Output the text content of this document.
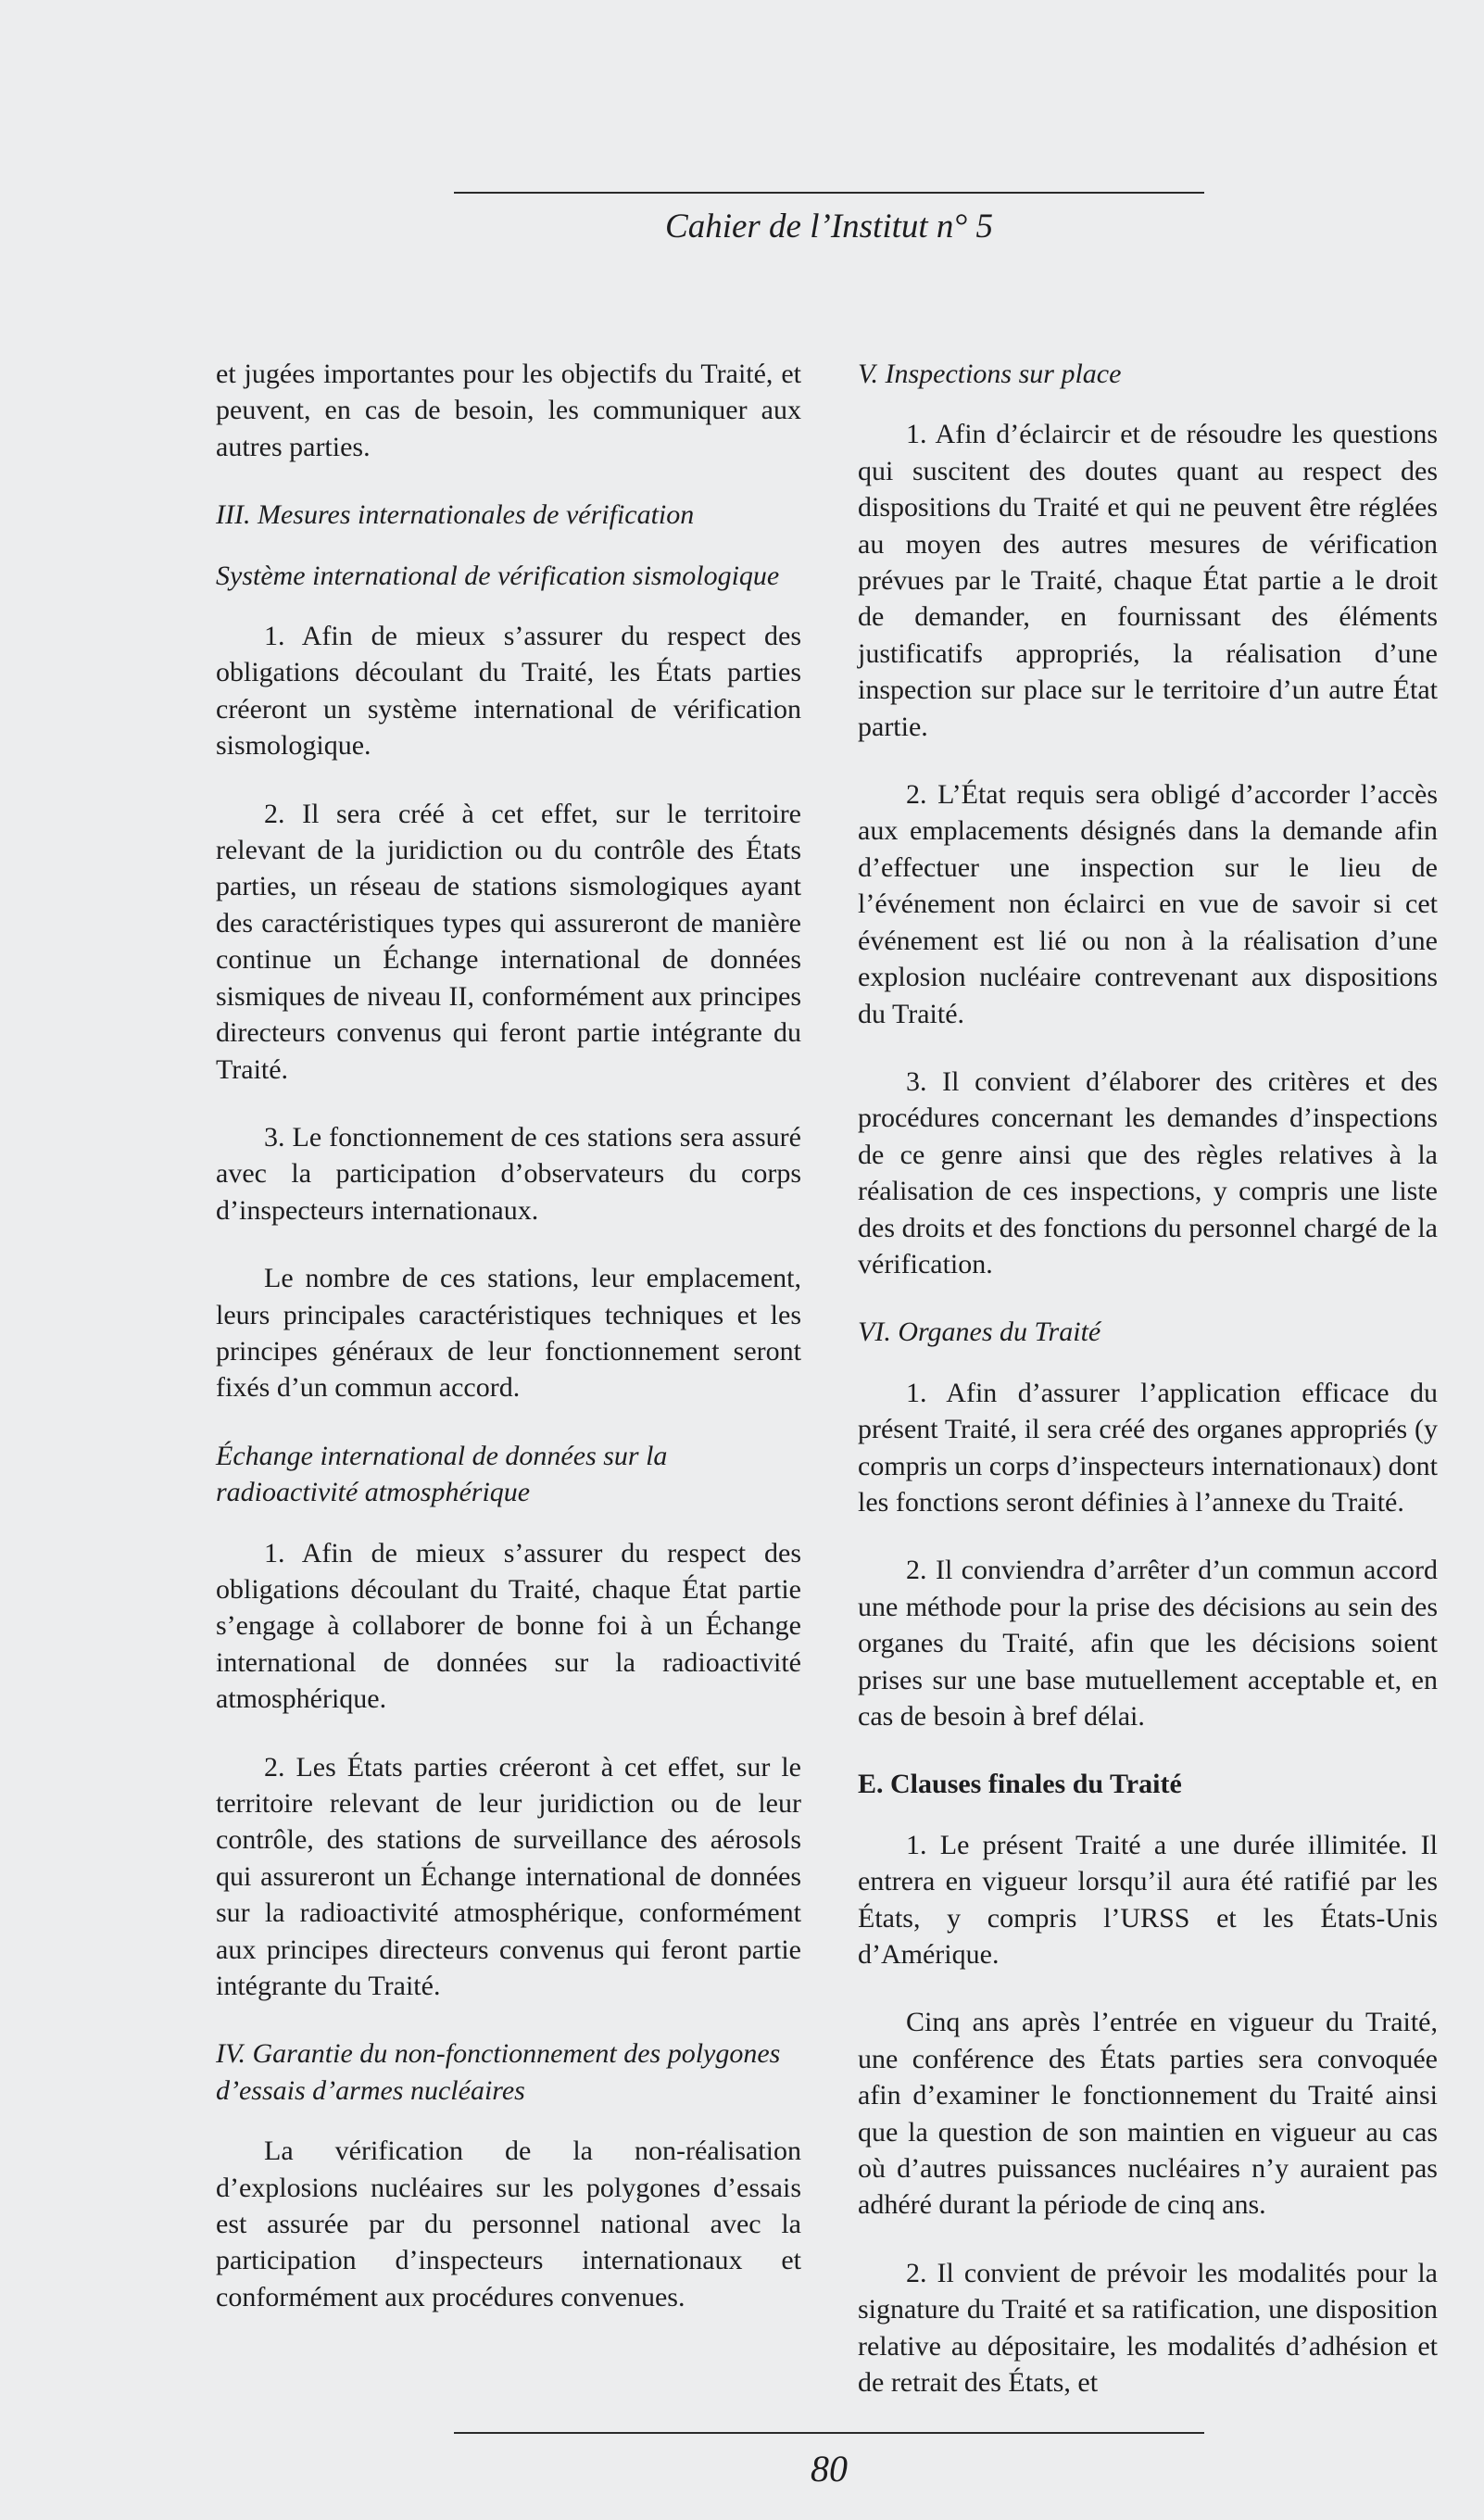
Cahier de l’Institut n° 5

et jugées importantes pour les objectifs du Traité, et peuvent, en cas de besoin, les communiquer aux autres parties.

III. Mesures internationales de vérification
Système international de vérification sismologique

1. Afin de mieux s’assurer du respect des obligations découlant du Traité, les États parties créeront un système international de vérification sismologique.

2. Il sera créé à cet effet, sur le territoire relevant de la juridiction ou du contrôle des États parties, un réseau de stations sismologiques ayant des caractéristiques types qui assureront de manière continue un Échange international de données sismiques de niveau II, conformément aux principes directeurs convenus qui feront partie intégrante du Traité.

3. Le fonctionnement de ces stations sera assuré avec la participation d’observateurs du corps d’inspecteurs internationaux.

Le nombre de ces stations, leur emplacement, leurs principales caractéristiques techniques et les principes généraux de leur fonctionnement seront fixés d’un commun accord.

Échange international de données sur la radioactivité atmosphérique

1. Afin de mieux s’assurer du respect des obligations découlant du Traité, chaque État partie s’engage à collaborer de bonne foi à un Échange international de données sur la radioactivité atmosphérique.

2. Les États parties créeront à cet effet, sur le territoire relevant de leur juridiction ou de leur contrôle, des stations de surveillance des aérosols qui assureront un Échange international de données sur la radioactivité atmosphérique, conformément aux principes directeurs convenus qui feront partie intégrante du Traité.

IV. Garantie du non-fonctionnement des polygones d’essais d’armes nucléaires

La vérification de la non-réalisation d’explosions nucléaires sur les polygones d’essais est assurée par du personnel national avec la participation d’inspecteurs internationaux et conformément aux procédures convenues.

V. Inspections sur place

1. Afin d’éclaircir et de résoudre les questions qui suscitent des doutes quant au respect des dispositions du Traité et qui ne peuvent être réglées au moyen des autres mesures de vérification prévues par le Traité, chaque État partie a le droit de demander, en fournissant des éléments justificatifs appropriés, la réalisation d’une inspection sur place sur le territoire d’un autre État partie.

2. L’État requis sera obligé d’accorder l’accès aux emplacements désignés dans la demande afin d’effectuer une inspection sur le lieu de l’événement non éclairci en vue de savoir si cet événement est lié ou non à la réalisation d’une explosion nucléaire contrevenant aux dispositions du Traité.

3. Il convient d’élaborer des critères et des procédures concernant les demandes d’inspections de ce genre ainsi que des règles relatives à la réalisation de ces inspections, y compris une liste des droits et des fonctions du personnel chargé de la vérification.

VI. Organes du Traité

1. Afin d’assurer l’application efficace du présent Traité, il sera créé des organes appropriés (y compris un corps d’inspecteurs internationaux) dont les fonctions seront définies à l’annexe du Traité.

2. Il conviendra d’arrêter d’un commun accord une méthode pour la prise des décisions au sein des organes du Traité, afin que les décisions soient prises sur une base mutuellement acceptable et, en cas de besoin à bref délai.

E. Clauses finales du Traité

1. Le présent Traité a une durée illimitée. Il entrera en vigueur lorsqu’il aura été ratifié par les États, y compris l’URSS et les États-Unis d’Amérique.

Cinq ans après l’entrée en vigueur du Traité, une conférence des États parties sera convoquée afin d’examiner le fonctionnement du Traité ainsi que la question de son maintien en vigueur au cas où d’autres puissances nucléaires n’y auraient pas adhéré durant la période de cinq ans.

2. Il convient de prévoir les modalités pour la signature du Traité et sa ratification, une disposition relative au dépositaire, les modalités d’adhésion et de retrait des États, et

80
